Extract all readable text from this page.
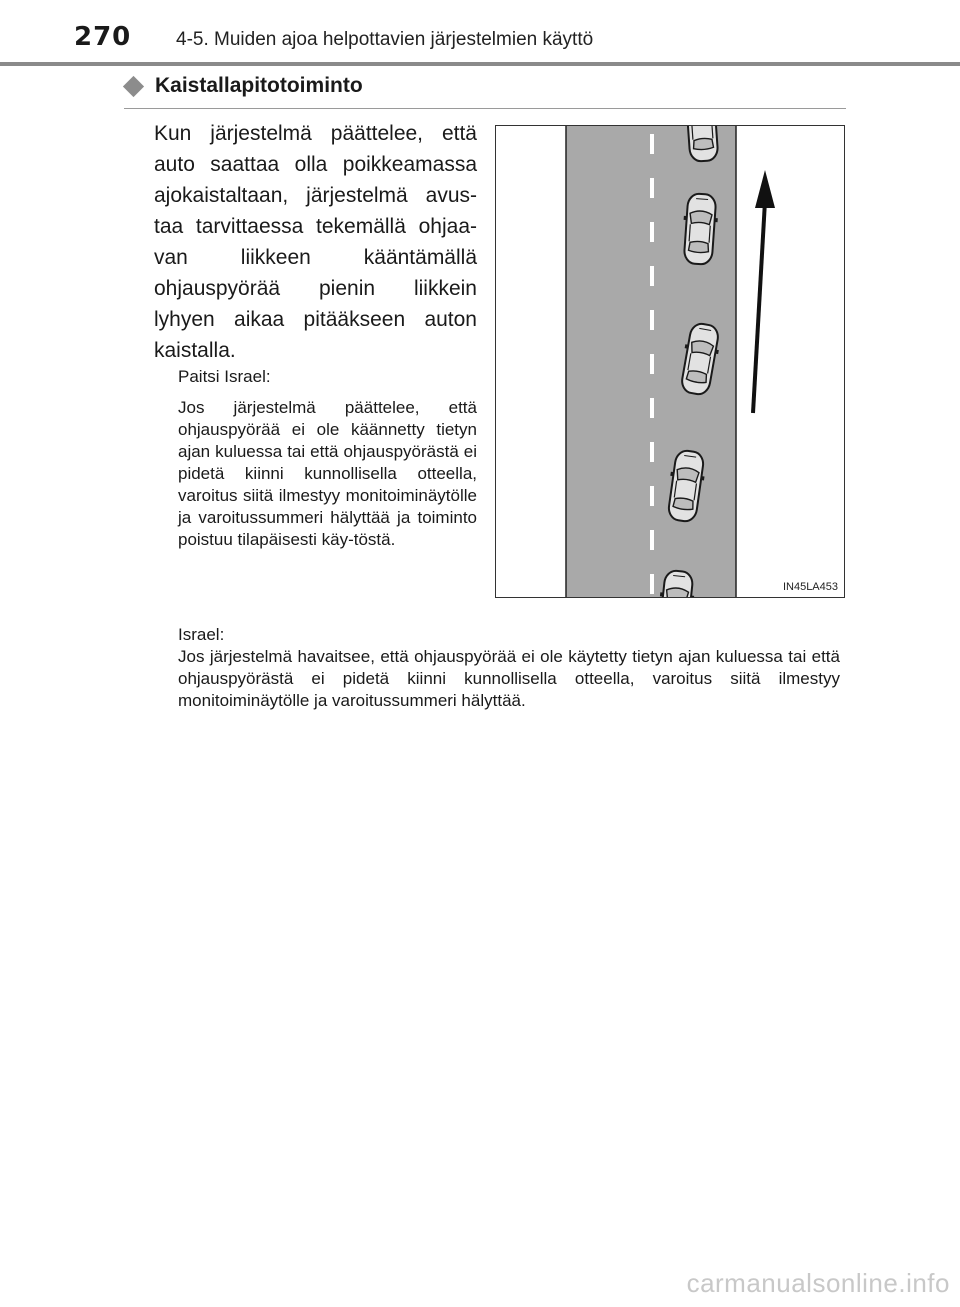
270 4-5. Muiden ajoa helpottavien järjestelmien käyttö
Kaistallapitotoiminto
Kun järjestelmä päättelee, että auto saattaa olla poikkeamassa ajokaistaltaan, järjestelmä avus-taa tarvittaessa tekemällä ohjaa-van liikkeen kääntämällä ohjauspyörää pienin liikkein lyhyen aikaa pitääkseen auton kaistalla.
Paitsi Israel:
Jos järjestelmä päättelee, että ohjauspyörää ei ole käännetty tietyn ajan kuluessa tai että ohjauspyörästä ei pidetä kiinni kunnollisella otteella, varoitus siitä ilmestyy monitoiminäytölle ja varoitussummeri hälyttää ja toiminto poistuu tilapäisesti käy-töstä.
IN45LA453
Israel:
Jos järjestelmä havaitsee, että ohjauspyörää ei ole käytetty tietyn ajan kuluessa tai että ohjauspyörästä ei pidetä kiinni kunnollisella otteella, varoitus siitä ilmestyy monitoiminäytölle ja varoitussummeri hälyttää.
carmanualsonline.info
